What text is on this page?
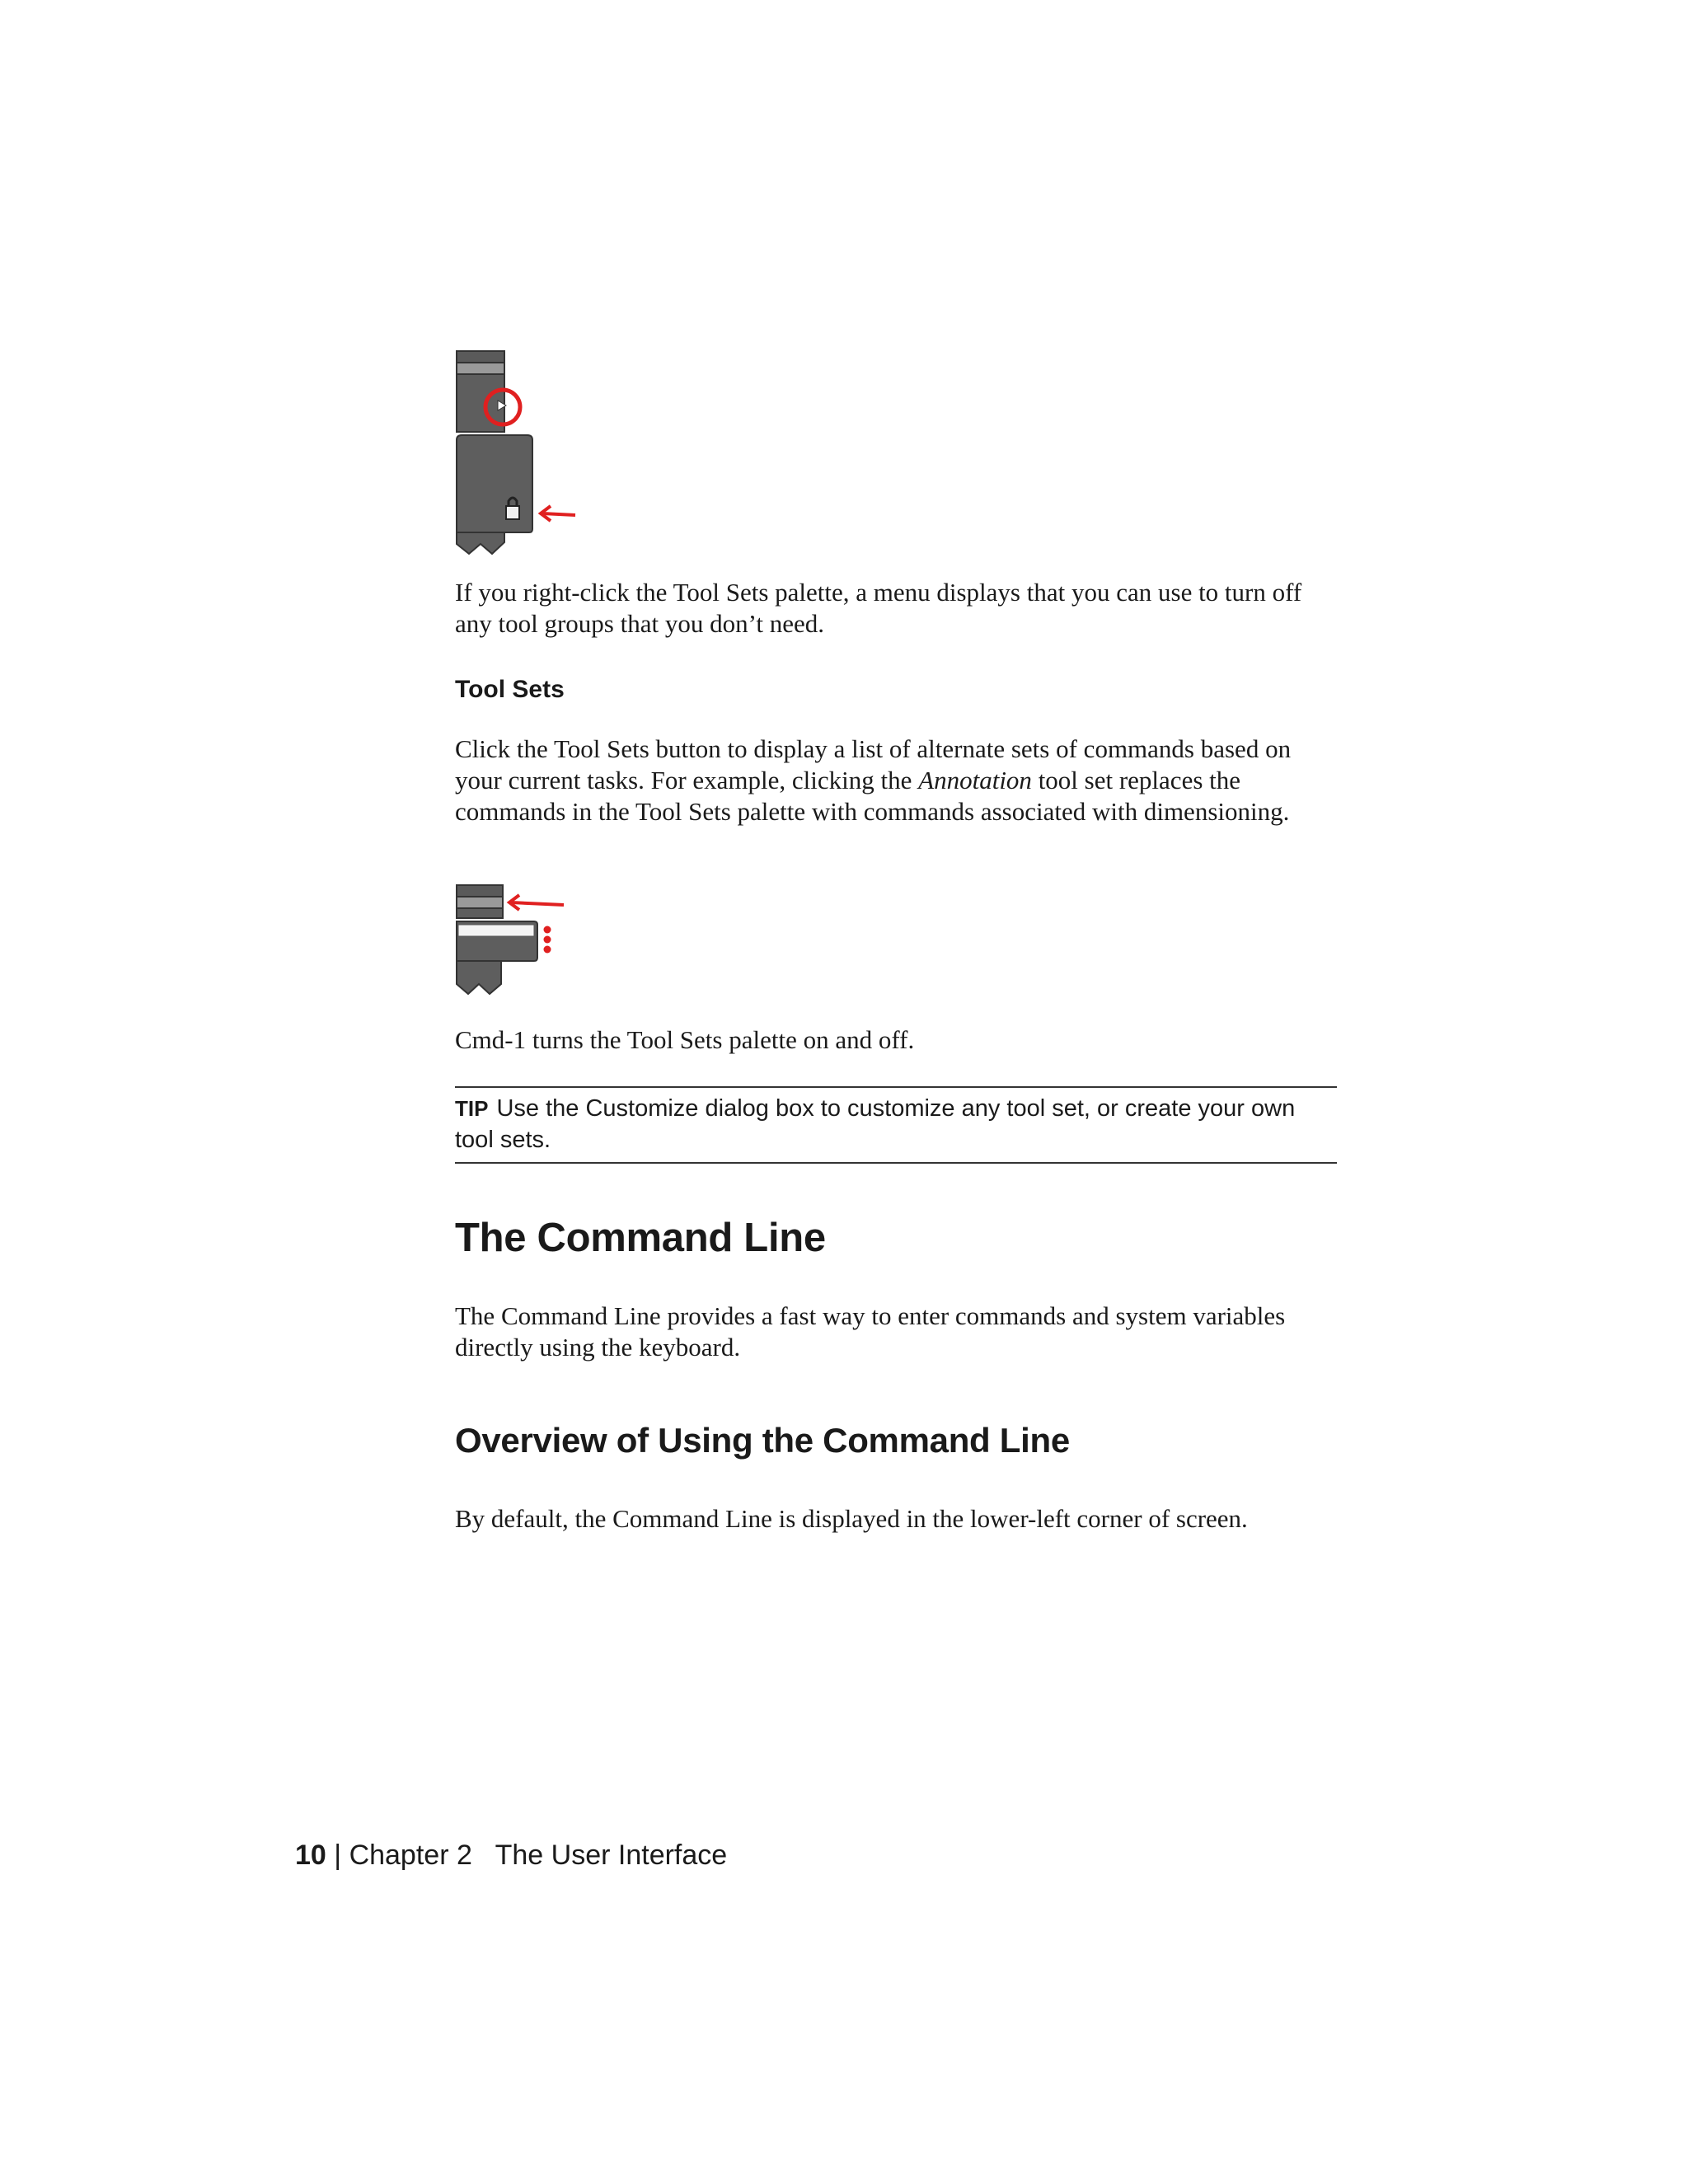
If you right-click the Tool Sets palette, a menu displays that you can use to turn off any tool groups that you don’t need.

Tool Sets

Click the Tool Sets button to display a list of alternate sets of commands based on your current tasks. For example, clicking the Annotation tool set replaces the commands in the Tool Sets palette with commands associated with dimensioning.

Cmd-1 turns the Tool Sets palette on and off.

TIP Use the Customize dialog box to customize any tool set, or create your own tool sets.

The Command Line

The Command Line provides a fast way to enter commands and system variables directly using the keyboard.

Overview of Using the Command Line

By default, the Command Line is displayed in the lower-left corner of screen.

10 | Chapter 2 The User Interface
